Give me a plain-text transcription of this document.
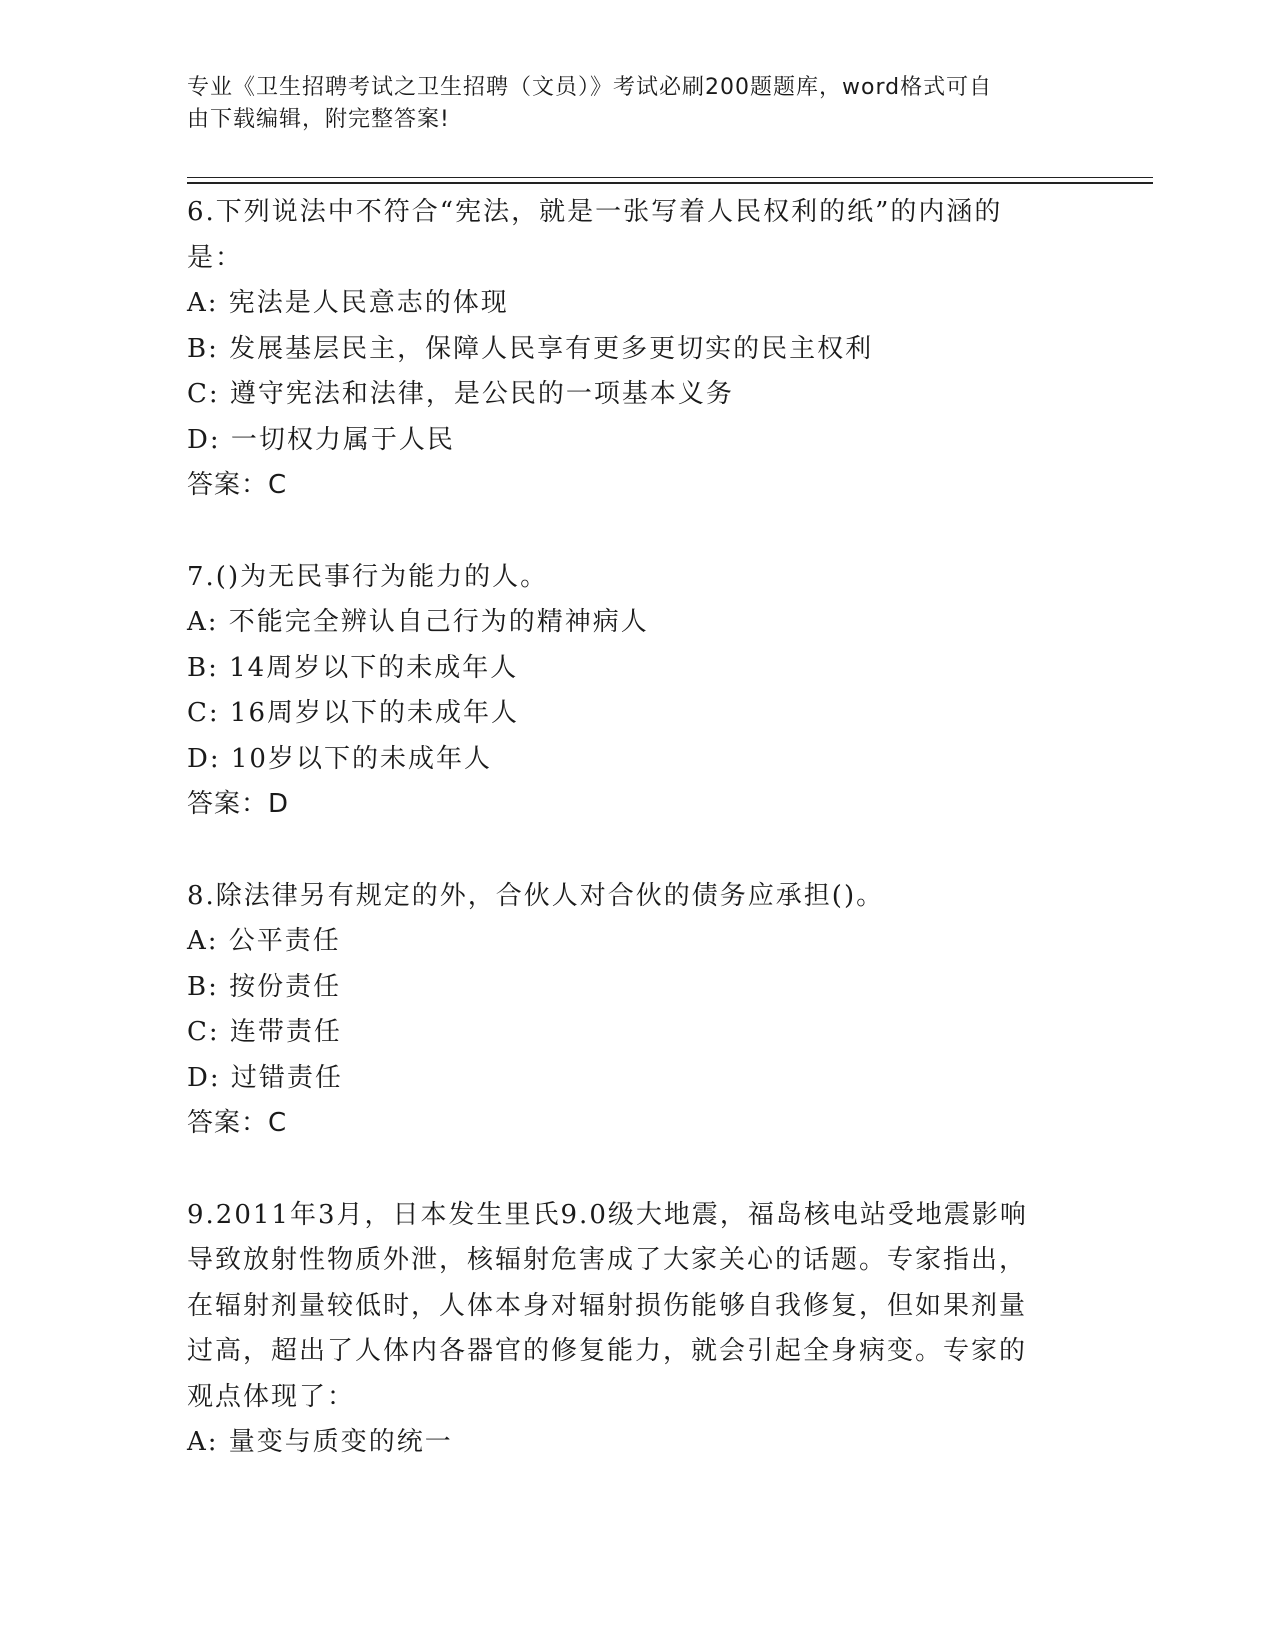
专业《卫生招聘考试之卫生招聘（文员）》考试必刷200题题库，word格式可自
由下载编辑，附完整答案!
6.下列说法中不符合“宪法，就是一张写着人民权利的纸”的内涵的
是：
A: 宪法是人民意志的体现
B: 发展基层民主，保障人民享有更多更切实的民主权利
C: 遵守宪法和法律，是公民的一项基本义务
D: 一切权力属于人民
答案：C
7.()为无民事行为能力的人。
A: 不能完全辨认自己行为的精神病人
B: 14周岁以下的未成年人
C: 16周岁以下的未成年人
D: 10岁以下的未成年人
答案：D
8.除法律另有规定的外，合伙人对合伙的债务应承担()。
A: 公平责任
B: 按份责任
C: 连带责任
D: 过错责任
答案：C
9.2011年3月，日本发生里氏9.0级大地震，福岛核电站受地震影响
导致放射性物质外泄，核辐射危害成了大家关心的话题。专家指出，
在辐射剂量较低时，人体本身对辐射损伤能够自我修复，但如果剂量
过高，超出了人体内各器官的修复能力，就会引起全身病变。专家的
观点体现了：
A: 量变与质变的统一
